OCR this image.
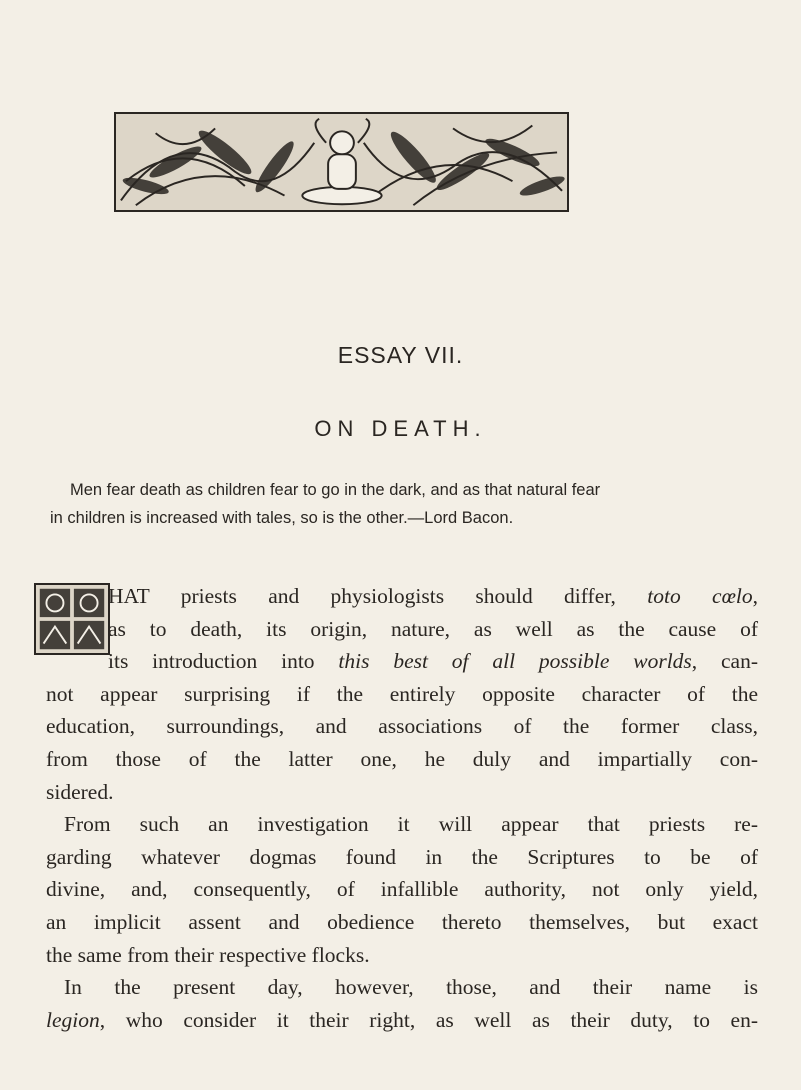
ESSAY VII.
ON DEATH.
Men fear death as children fear to go in the dark, and as that natural fear
in children is increased with tales, so is the other.—Lord Bacon.
HAT priests and physiologists should differ, toto cœlo,
as to death, its origin, nature, as well as the cause of
its introduction into this best of all possible worlds, can-
not appear surprising if the entirely opposite character of the
education, surroundings, and associations of the former class,
from those of the latter one, he duly and impartially con-
sidered.
From such an investigation it will appear that priests re-
garding whatever dogmas found in the Scriptures to be of
divine, and, consequently, of infallible authority, not only yield,
an implicit assent and obedience thereto themselves, but exact
the same from their respective flocks.
In the present day, however, those, and their name is
legion, who consider it their right, as well as their duty, to en-
